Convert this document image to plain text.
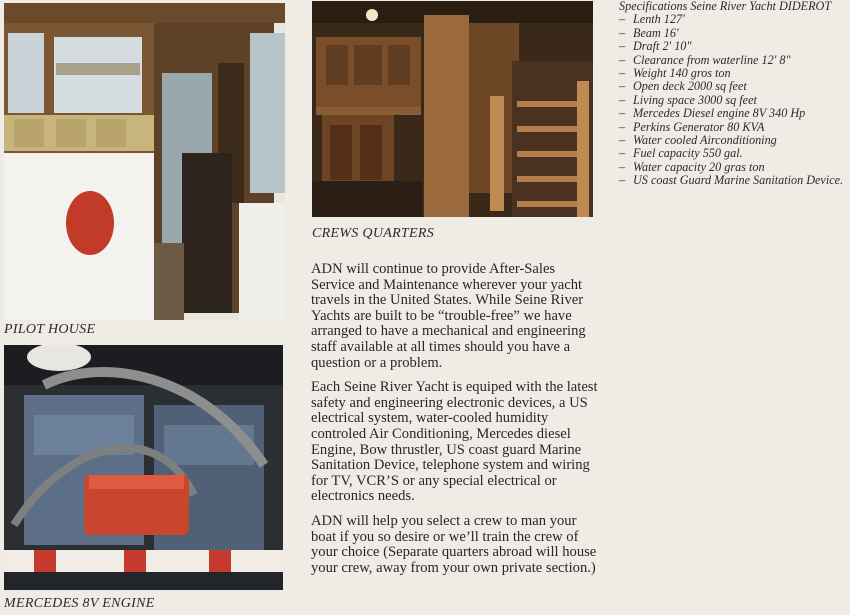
PILOT HOUSE
CREWS QUARTERS
MERCEDES 8V ENGINE
Specifications Seine River Yacht DIDEROT
– Lenth 127'
– Beam 16'
– Draft 2' 10"
– Clearance from waterline 12' 8"
– Weight 140 gros ton
– Open deck 2000 sq feet
– Living space 3000 sq feet
– Mercedes Diesel engine 8V 340 Hp
– Perkins Generator 80 KVA
– Water cooled Airconditioning
– Fuel capacity 550 gal.
– Water capacity 20 gras ton
– US coast Guard Marine Sanitation Device.

ADN will continue to provide After-Sales Service and Maintenance wherever your yacht travels in the United States. While Seine River Yachts are built to be “trouble-free” we have arranged to have a mechanical and engineering staff available at all times should you have a question or a problem.

Each Seine River Yacht is equiped with the latest safety and engineering electronic devices, a US electrical system, water-cooled humidity controled Air Conditioning, Mercedes diesel Engine, Bow thrustler, US coast guard Marine Sanitation Device, telephone system and wiring for TV, VCR’S or any special electrical or electronics needs.

ADN will help you select a crew to man your boat if you so desire or we’ll train the crew of your choice (Separate quarters abroad will house your crew, away from your own private section.)
